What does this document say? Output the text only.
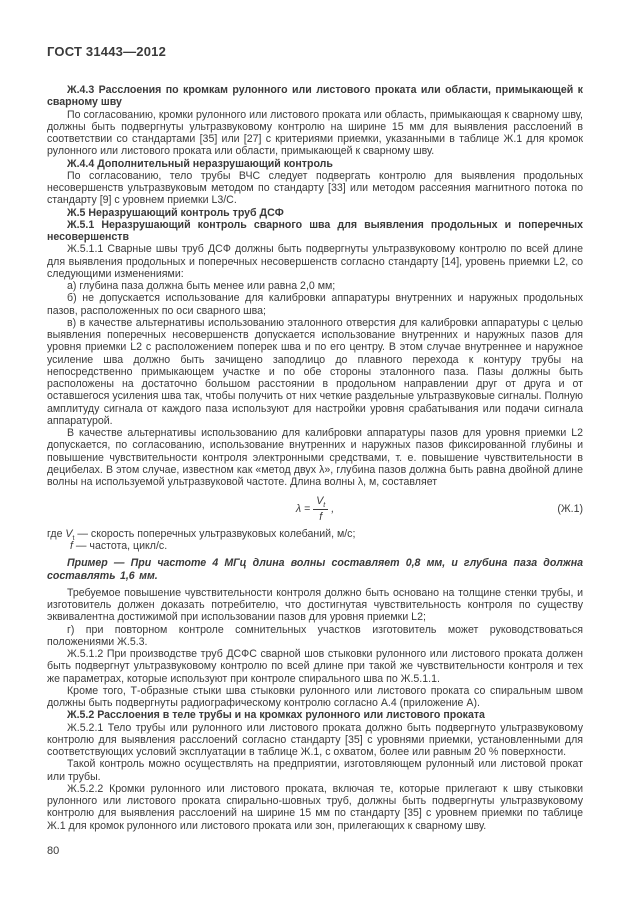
ГОСТ 31443—2012

Ж.4.3 Расслоения по кромкам рулонного или листового проката или области, примыкающей к сварному шву

По согласованию, кромки рулонного или листового проката или область, примыкающая к сварному шву, должны быть подвергнуты ультразвуковому контролю на ширине 15 мм для выявления расслоений в соответствии со стандартами [35] или [27] с критериями приемки, указанными в таблице Ж.1 для кромок рулонного или листового проката или области, примыкающей к сварному шву.

Ж.4.4 Дополнительный неразрушающий контроль

По согласованию, тело трубы ВЧС следует подвергать контролю для выявления продольных несовершенств ультразвуковым методом по стандарту [33] или методом рассеяния магнитного потока по стандарту [9] с уровнем приемки L3/C.

Ж.5 Неразрушающий контроль труб ДСФ

Ж.5.1 Неразрушающий контроль сварного шва для выявления продольных и поперечных несовершенств

Ж.5.1.1 Сварные швы труб ДСФ должны быть подвергнуты ультразвуковому контролю по всей длине для выявления продольных и поперечных несовершенств согласно стандарту [14], уровень приемки L2, со следующими изменениями:

а) глубина паза должна быть менее или равна 2,0 мм;

б) не допускается использование для калибровки аппаратуры внутренних и наружных продольных пазов, расположенных по оси сварного шва;

в) в качестве альтернативы использованию эталонного отверстия для калибровки аппаратуры с целью выявления поперечных несовершенств допускается использование внутренних и наружных пазов для уровня приемки L2 с расположением поперек шва и по его центру. В этом случае внутреннее и наружное усиление шва должно быть зачищено заподлицо до плавного перехода к контуру трубы на непосредственно примыкающем участке и по обе стороны эталонного паза. Пазы должны быть расположены на достаточно большом расстоянии в продольном направлении друг от друга и от оставшегося усиления шва так, чтобы получить от них четкие раздельные ультразвуковые сигналы. Полную амплитуду сигнала от каждого паза используют для настройки уровня срабатывания или подачи сигнала аппаратурой.

В качестве альтернативы использованию для калибровки аппаратуры пазов для уровня приемки L2 допускается, по согласованию, использование внутренних и наружных пазов фиксированной глубины и повышение чувствительности контроля электронными средствами, т. е. повышение чувствительности в децибелах. В этом случае, известном как «метод двух λ», глубина пазов должна быть равна двойной длине волны на используемой ультразвуковой частоте. Длина волны λ, м, составляет

$\lambda = \frac{V_t}{f}$ ,	(Ж.1)
где $V_t$ — скорость поперечных ультразвуковых колебаний, м/с;
f — частота, цикл/с.

Пример — При частоте 4 МГц длина волны составляет 0,8 мм, и глубина паза должна составлять 1,6 мм.

Требуемое повышение чувствительности контроля должно быть основано на толщине стенки трубы, и изготовитель должен доказать потребителю, что достигнутая чувствительность контроля по существу эквивалентна достижимой при использовании пазов для уровня приемки L2;

г) при повторном контроле сомнительных участков изготовитель может руководствоваться положениями Ж.5.3.

Ж.5.1.2 При производстве труб ДСФС сварной шов стыковки рулонного или листового проката должен быть подвергнут ультразвуковому контролю по всей длине при такой же чувствительности контроля и тех же параметрах, которые используют при контроле спирального шва по Ж.5.1.1.

Кроме того, Т-образные стыки шва стыковки рулонного или листового проката со спиральным швом должны быть подвергнуты радиографическому контролю согласно А.4 (приложение А).

Ж.5.2 Расслоения в теле трубы и на кромках рулонного или листового проката

Ж.5.2.1 Тело трубы или рулонного или листового проката должно быть подвергнуто ультразвуковому контролю для выявления расслоений согласно стандарту [35] с уровнями приемки, установленными для соответствующих условий эксплуатации в таблице Ж.1, с охватом, более или равным 20 % поверхности.

Такой контроль можно осуществлять на предприятии, изготовляющем рулонный или листовой прокат или трубы.

Ж.5.2.2 Кромки рулонного или листового проката, включая те, которые прилегают к шву стыковки рулонного или листового проката спирально-шовных труб, должны быть подвергнуты ультразвуковому контролю для выявления расслоений на ширине 15 мм по стандарту [35] с уровнем приемки по таблице Ж.1 для кромок рулонного или листового проката или зон, прилегающих к сварному шву.

80
